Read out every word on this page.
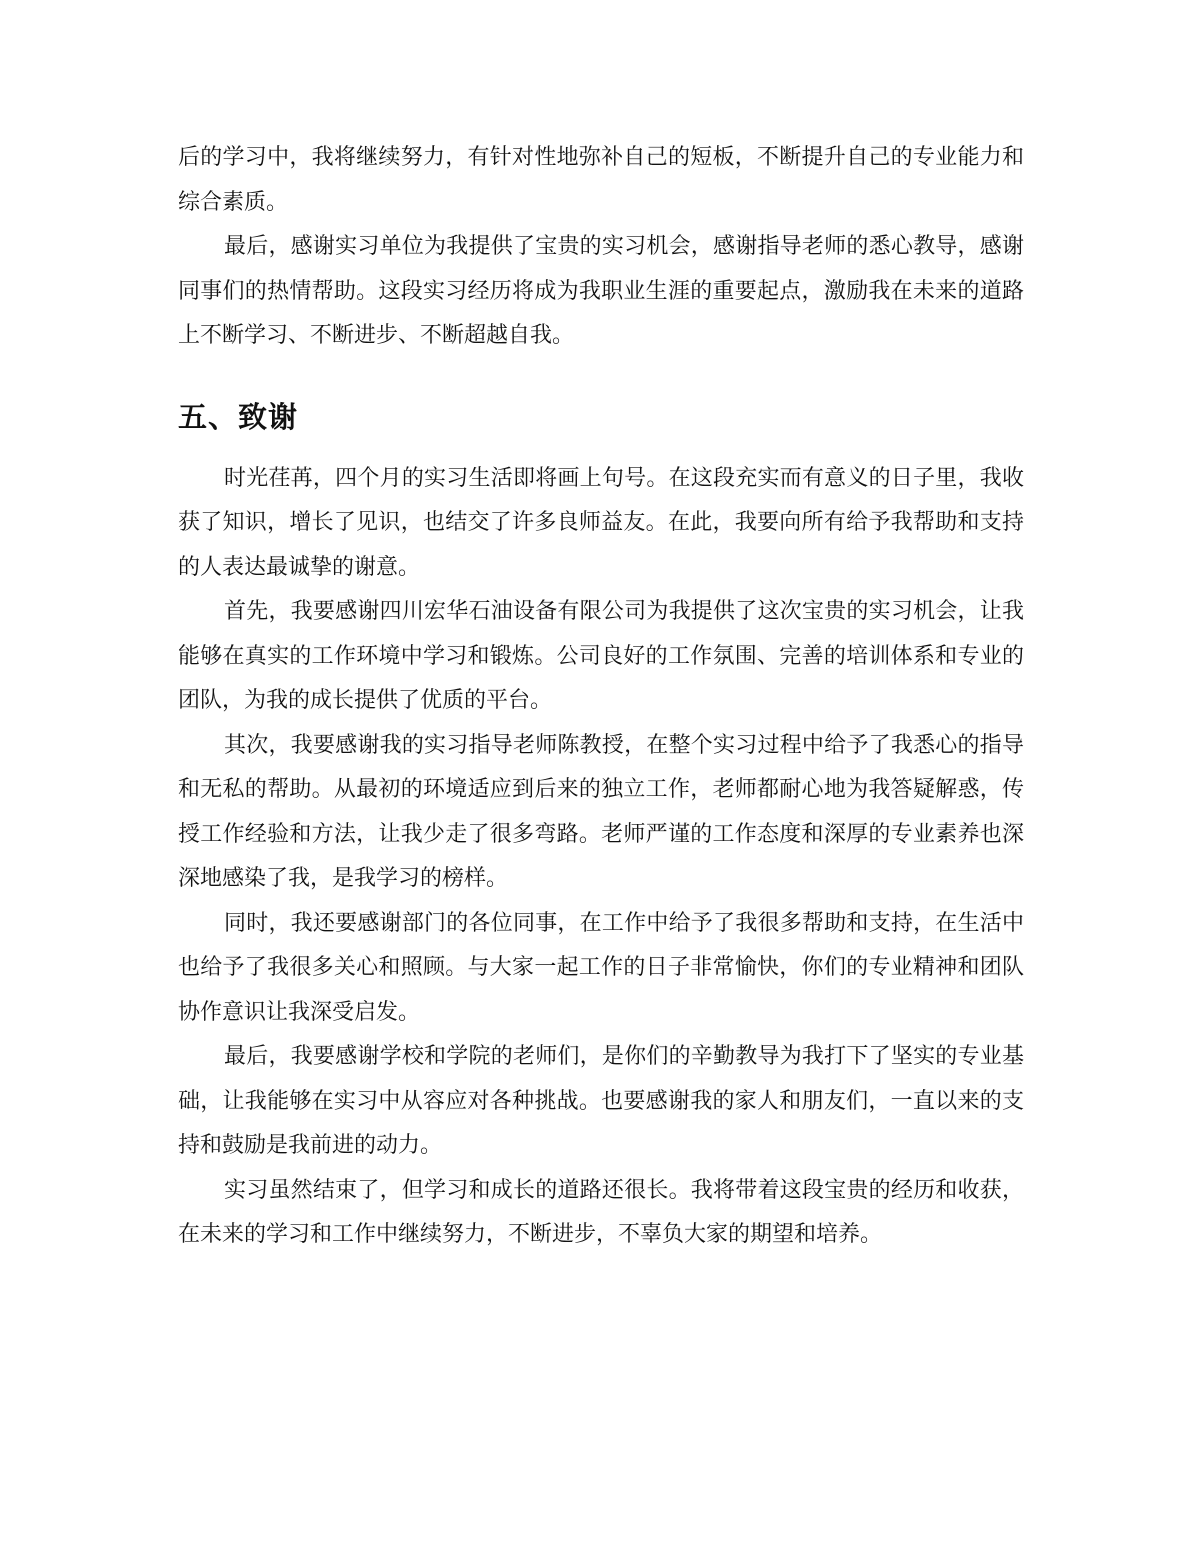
后的学习中，我将继续努力，有针对性地弥补自己的短板，不断提升自己的专业能力和综合素质。

最后，感谢实习单位为我提供了宝贵的实习机会，感谢指导老师的悉心教导，感谢同事们的热情帮助。这段实习经历将成为我职业生涯的重要起点，激励我在未来的道路上不断学习、不断进步、不断超越自我。

五、致谢

时光荏苒，四个月的实习生活即将画上句号。在这段充实而有意义的日子里，我收获了知识，增长了见识，也结交了许多良师益友。在此，我要向所有给予我帮助和支持的人表达最诚挚的谢意。

首先，我要感谢四川宏华石油设备有限公司为我提供了这次宝贵的实习机会，让我能够在真实的工作环境中学习和锻炼。公司良好的工作氛围、完善的培训体系和专业的团队，为我的成长提供了优质的平台。

其次，我要感谢我的实习指导老师陈教授，在整个实习过程中给予了我悉心的指导和无私的帮助。从最初的环境适应到后来的独立工作，老师都耐心地为我答疑解惑，传授工作经验和方法，让我少走了很多弯路。老师严谨的工作态度和深厚的专业素养也深深地感染了我，是我学习的榜样。

同时，我还要感谢部门的各位同事，在工作中给予了我很多帮助和支持，在生活中也给予了我很多关心和照顾。与大家一起工作的日子非常愉快，你们的专业精神和团队协作意识让我深受启发。

最后，我要感谢学校和学院的老师们，是你们的辛勤教导为我打下了坚实的专业基础，让我能够在实习中从容应对各种挑战。也要感谢我的家人和朋友们，一直以来的支持和鼓励是我前进的动力。

实习虽然结束了，但学习和成长的道路还很长。我将带着这段宝贵的经历和收获，在未来的学习和工作中继续努力，不断进步，不辜负大家的期望和培养。
